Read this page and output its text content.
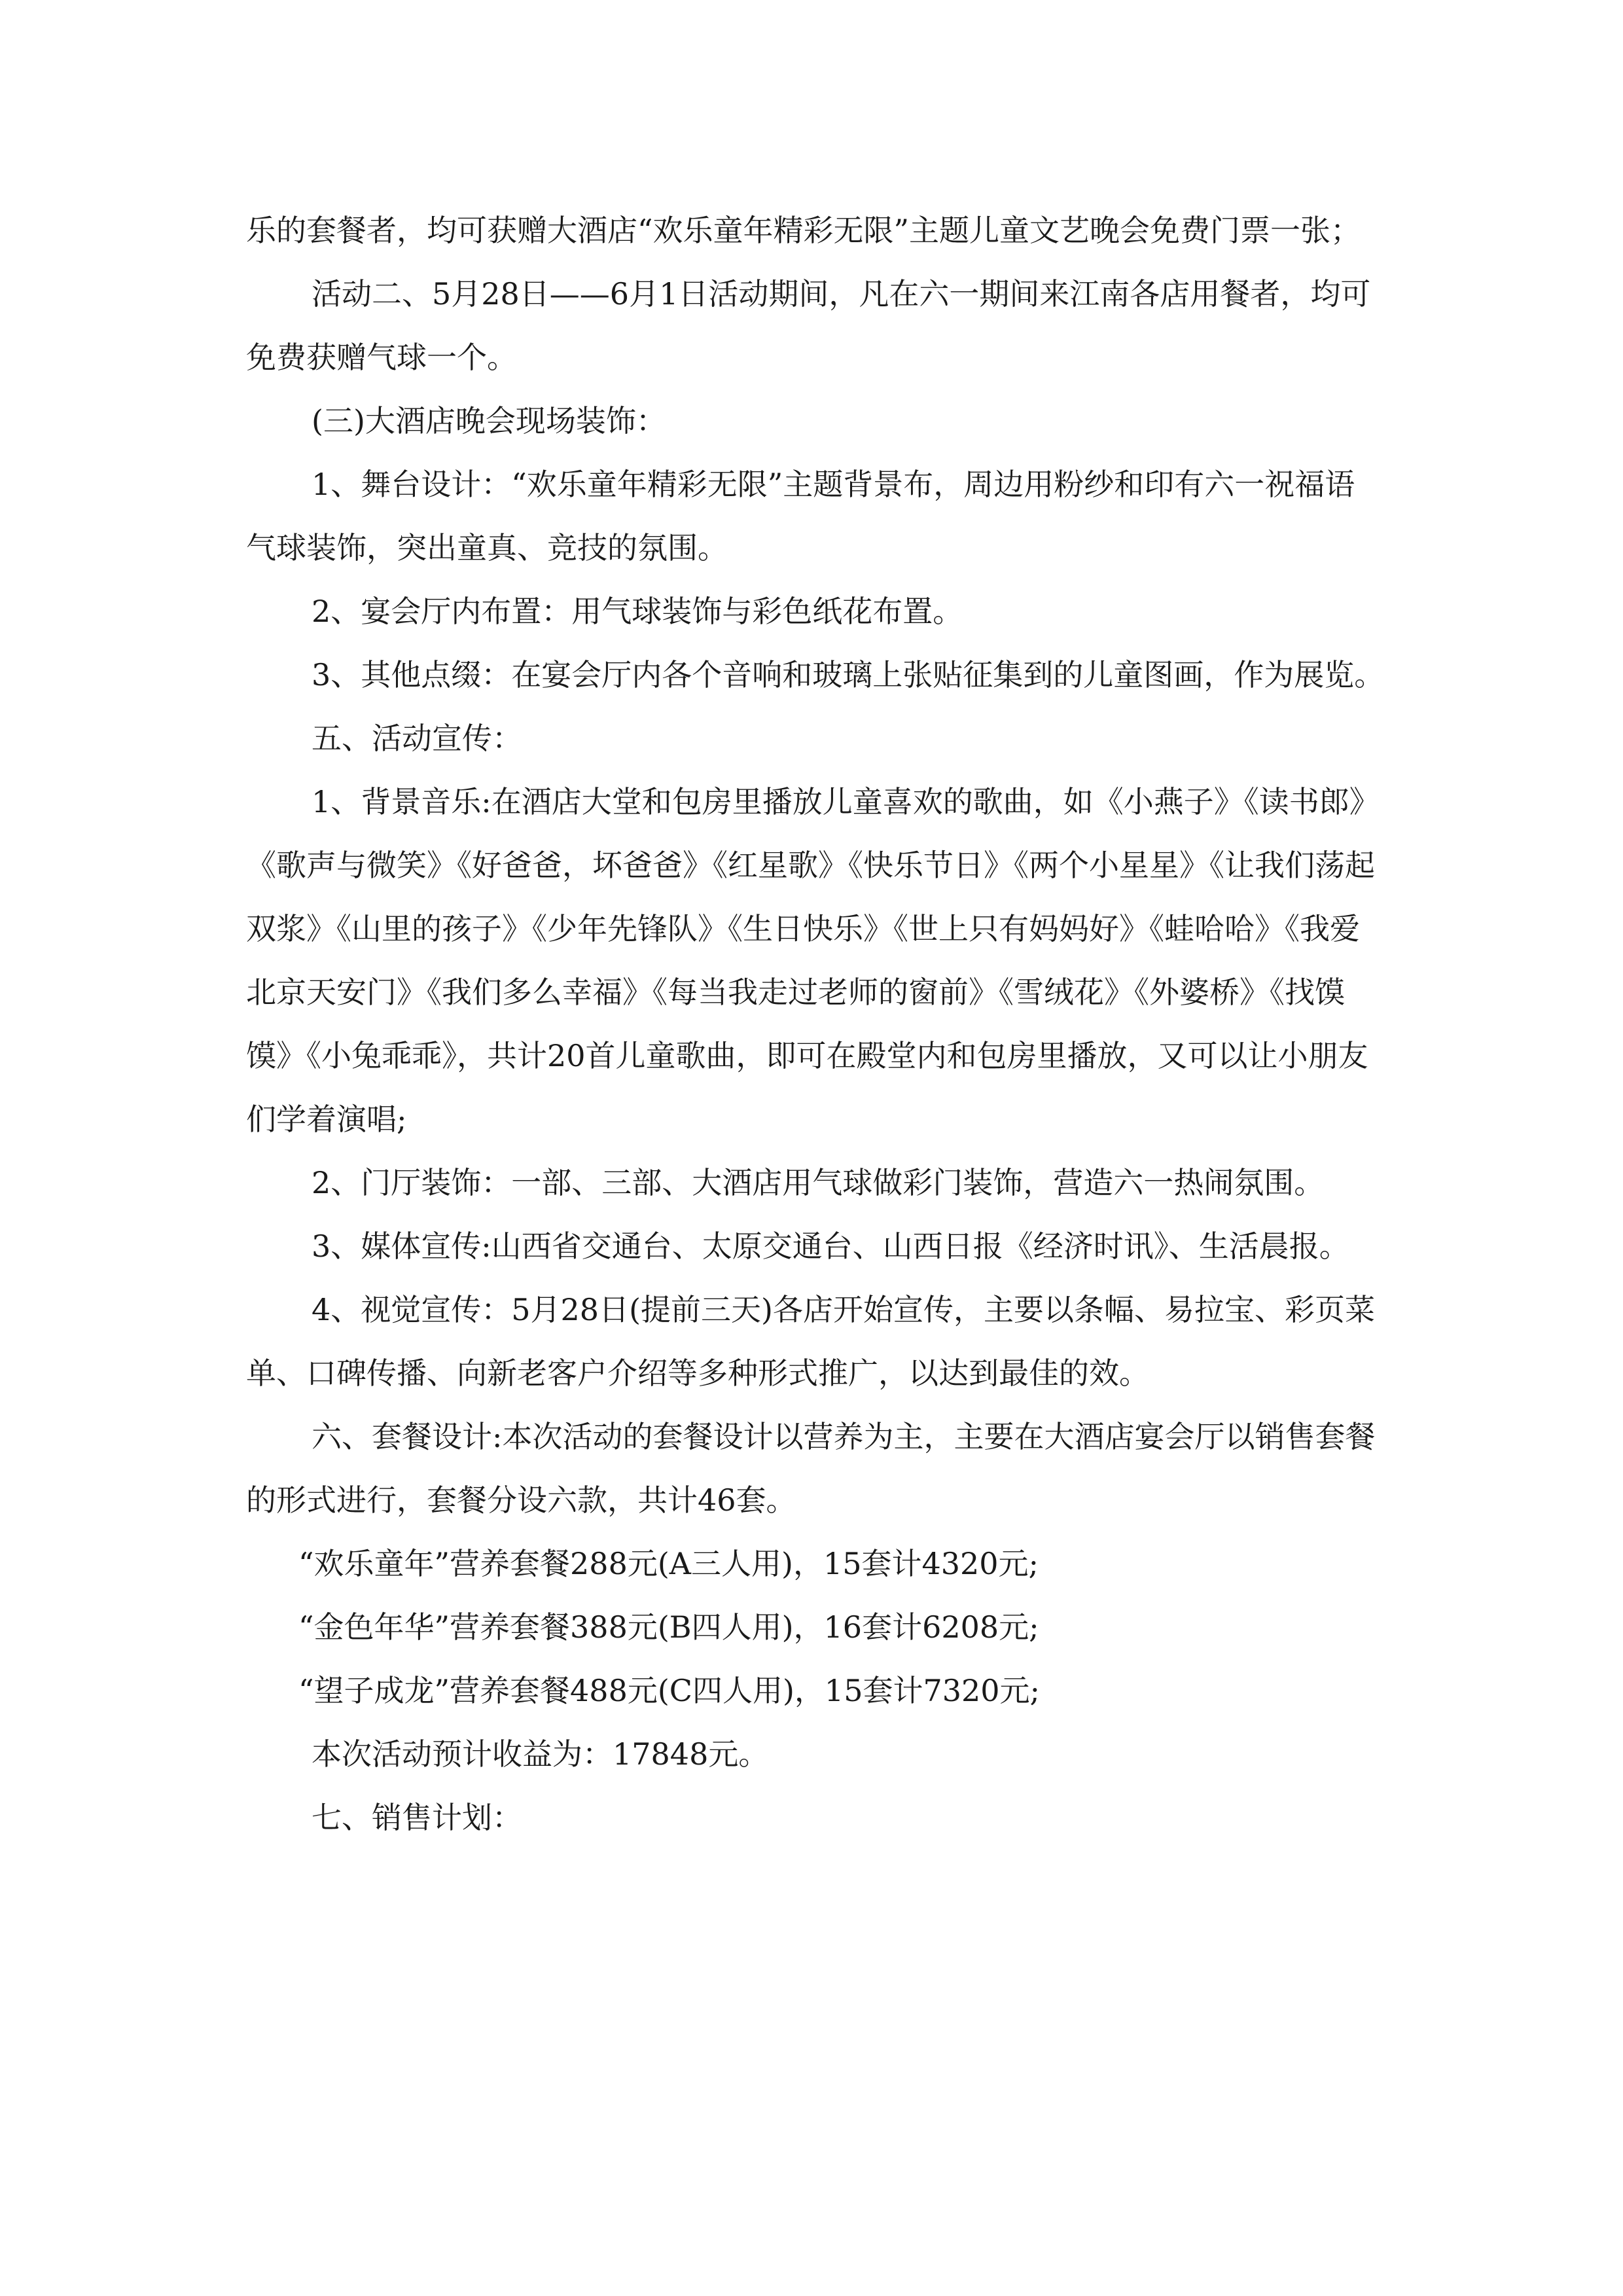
乐的套餐者，均可获赠大酒店“欢乐童年精彩无限”主题儿童文艺晚会免费门票一张；

活动二、5月28日——6月1日活动期间，凡在六一期间来江南各店用餐者，均可免费获赠气球一个。

(三)大酒店晚会现场装饰：

1、舞台设计：“欢乐童年精彩无限”主题背景布，周边用粉纱和印有六一祝福语气球装饰，突出童真、竞技的氛围。

2、宴会厅内布置：用气球装饰与彩色纸花布置。

3、其他点缀：在宴会厅内各个音响和玻璃上张贴征集到的儿童图画，作为展览。

五、活动宣传：

1、背景音乐:在酒店大堂和包房里播放儿童喜欢的歌曲，如《小燕子》《读书郎》《歌声与微笑》《好爸爸，坏爸爸》《红星歌》《快乐节日》《两个小星星》《让我们荡起双浆》《山里的孩子》《少年先锋队》《生日快乐》《世上只有妈妈好》《蛙哈哈》《我爱北京天安门》《我们多么幸福》《每当我走过老师的窗前》《雪绒花》《外婆桥》《找馍馍》《小兔乖乖》，共计20首儿童歌曲，即可在殿堂内和包房里播放，又可以让小朋友们学着演唱;

2、门厅装饰：一部、三部、大酒店用气球做彩门装饰，营造六一热闹氛围。

3、媒体宣传:山西省交通台、太原交通台、山西日报《经济时讯》、生活晨报。

4、视觉宣传：5月28日(提前三天)各店开始宣传，主要以条幅、易拉宝、彩页菜单、口碑传播、向新老客户介绍等多种形式推广，以达到最佳的效。

六、套餐设计:本次活动的套餐设计以营养为主，主要在大酒店宴会厅以销售套餐的形式进行，套餐分设六款，共计46套。

“欢乐童年”营养套餐288元(A三人用)，15套计4320元;

“金色年华”营养套餐388元(B四人用)，16套计6208元;

“望子成龙”营养套餐488元(C四人用)，15套计7320元;

本次活动预计收益为：17848元。

七、销售计划：
